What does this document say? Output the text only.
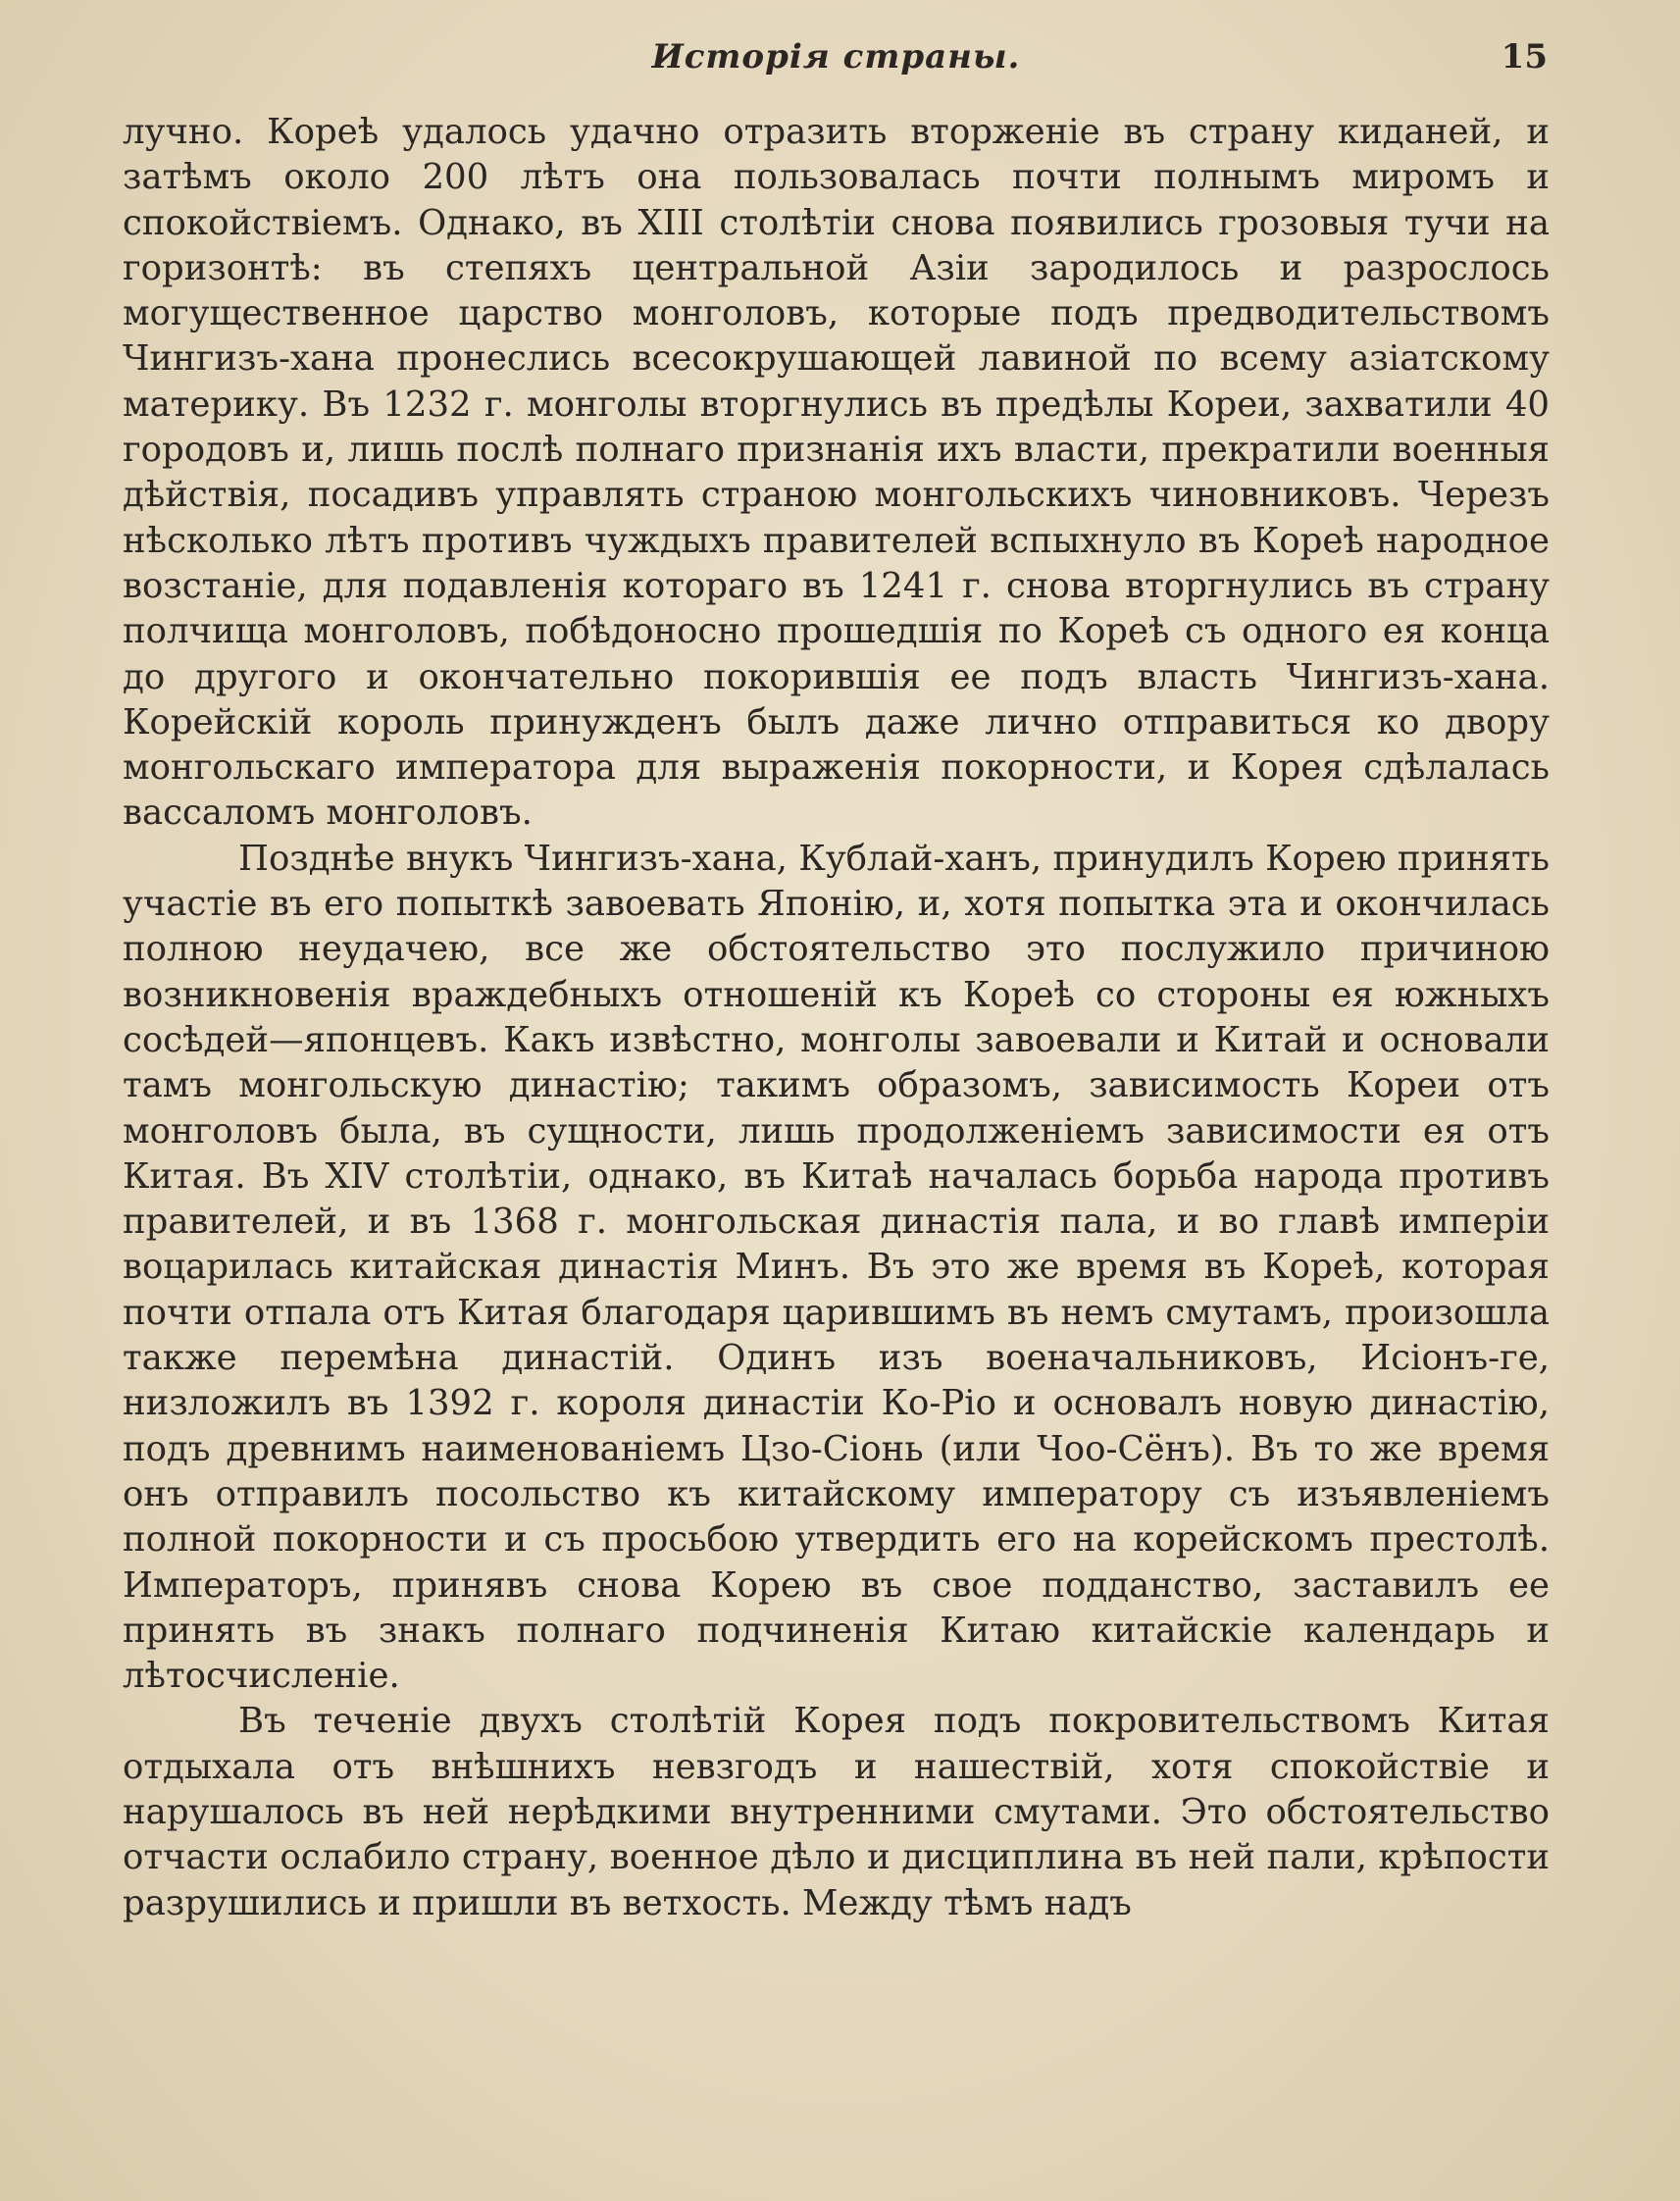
Исторія страны.	15

лучно. Кореѣ удалось удачно отразить вторженіе въ страну киданей, и затѣмъ около 200 лѣтъ она пользовалась почти полнымъ миромъ и спокойствіемъ. Однако, въ XIII столѣтіи снова появились грозовыя тучи на горизонтѣ: въ степяхъ центральной Азіи зародилось и разрослось могущественное царство монголовъ, которые подъ предводительствомъ Чингизъ-хана пронеслись всесокрушающей лавиной по всему азіатскому материку. Въ 1232 г. монголы вторгнулись въ предѣлы Кореи, захватили 40 городовъ и, лишь послѣ полнаго признанія ихъ власти, прекратили военныя дѣйствія, посадивъ управлять страною монгольскихъ чиновниковъ. Черезъ нѣсколько лѣтъ противъ чуждыхъ правителей вспыхнуло въ Кореѣ народное возстаніе, для подавленія котораго въ 1241 г. снова вторгнулись въ страну полчища монголовъ, побѣдоносно прошедшія по Кореѣ съ одного ея конца до другого и окончательно покорившія ее подъ власть Чингизъ-хана. Корейскій король принужденъ былъ даже лично отправиться ко двору монгольскаго императора для выраженія покорности, и Корея сдѣлалась вассаломъ монголовъ.

Позднѣе внукъ Чингизъ-хана, Кублай-ханъ, принудилъ Корею принять участіе въ его попыткѣ завоевать Японію, и, хотя попытка эта и окончилась полною неудачею, все же обстоятельство это послужило причиною возникновенія враждебныхъ отношеній къ Кореѣ со стороны ея южныхъ сосѣдей—японцевъ. Какъ извѣстно, монголы завоевали и Китай и основали тамъ монгольскую династію; такимъ образомъ, зависимость Кореи отъ монголовъ была, въ сущности, лишь продолженіемъ зависимости ея отъ Китая. Въ XIV столѣтіи, однако, въ Китаѣ началась борьба народа противъ правителей, и въ 1368 г. монгольская династія пала, и во главѣ имперіи воцарилась китайская династія Минъ. Въ это же время въ Кореѣ, которая почти отпала отъ Китая благодаря царившимъ въ немъ смутамъ, произошла также перемѣна династій. Одинъ изъ военачальниковъ, Исіонъ-ге, низложилъ въ 1392 г. короля династіи Ко-Ріо и основалъ новую династію, подъ древнимъ наименованіемъ Цзо-Сіонь (или Чоо-Сёнъ). Въ то же время онъ отправилъ посольство къ китайскому императору съ изъявленіемъ полной покорности и съ просьбою утвердить его на корейскомъ престолѣ. Императоръ, принявъ снова Корею въ свое подданство, заставилъ ее принять въ знакъ полнаго подчиненія Китаю китайскіе календарь и лѣтосчисленіе.

Въ теченіе двухъ столѣтій Корея подъ покровительствомъ Китая отдыхала отъ внѣшнихъ невзгодъ и нашествій, хотя спокойствіе и нарушалось въ ней нерѣдкими внутренними смутами. Это обстоятельство отчасти ослабило страну, военное дѣло и дисциплина въ ней пали, крѣпости разрушились и пришли въ ветхость. Между тѣмъ надъ
